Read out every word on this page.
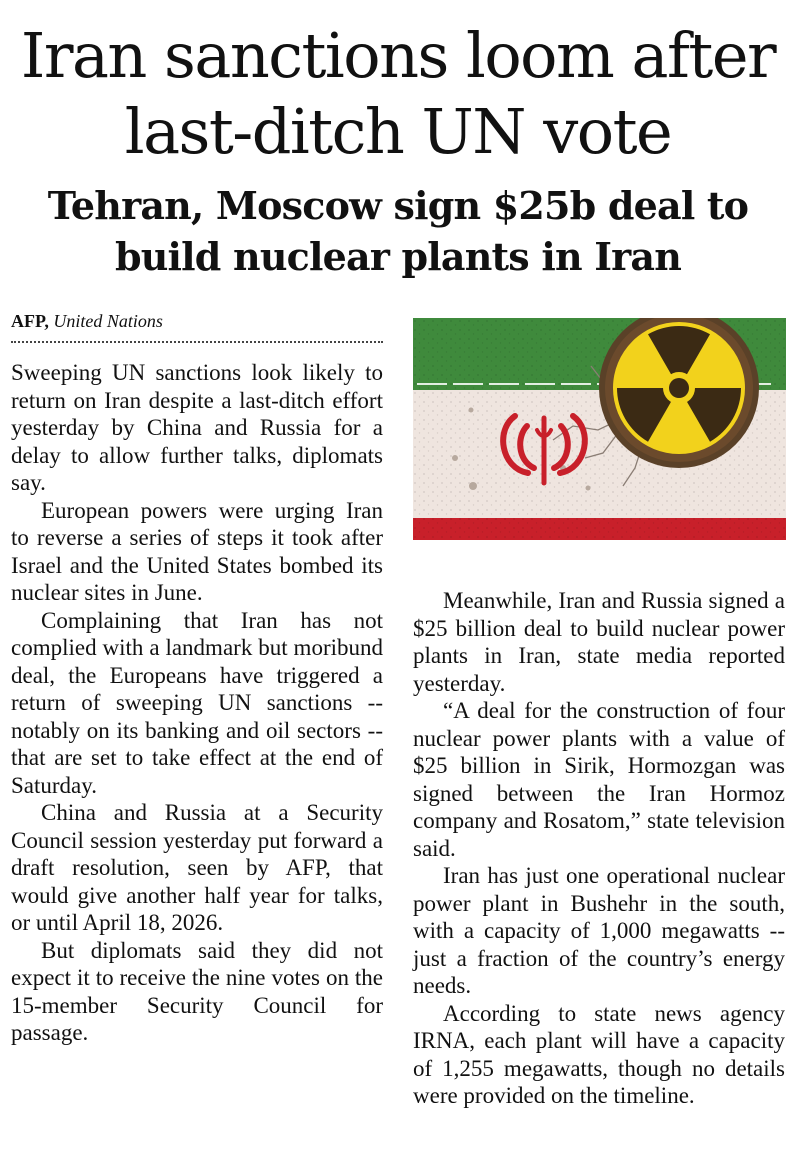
Iran sanctions loom after last-ditch UN vote
Tehran, Moscow sign $25b deal to build nuclear plants in Iran
AFP, United Nations

Sweeping UN sanctions look likely to return on Iran despite a last-ditch effort yesterday by China and Russia for a delay to allow further talks, diplomats say.

European powers were urging Iran to reverse a series of steps it took after Israel and the United States bombed its nuclear sites in June.

Complaining that Iran has not complied with a landmark but moribund deal, the Europeans have triggered a return of sweeping UN sanctions -- notably on its banking and oil sectors -- that are set to take effect at the end of Saturday.

China and Russia at a Security Council session yesterday put forward a draft resolution, seen by AFP, that would give another half year for talks, or until April 18, 2026.

But diplomats said they did not expect it to receive the nine votes on the 15-member Security Council for passage.

Meanwhile, Iran and Russia signed a $25 billion deal to build nuclear power plants in Iran, state media reported yesterday.

“A deal for the construction of four nuclear power plants with a value of $25 billion in Sirik, Hormozgan was signed between the Iran Hormoz company and Rosatom,” state television said.

Iran has just one operational nuclear power plant in Bushehr in the south, with a capacity of 1,000 megawatts -- just a fraction of the country’s energy needs.

According to state news agency IRNA, each plant will have a capacity of 1,255 megawatts, though no details were provided on the timeline.
